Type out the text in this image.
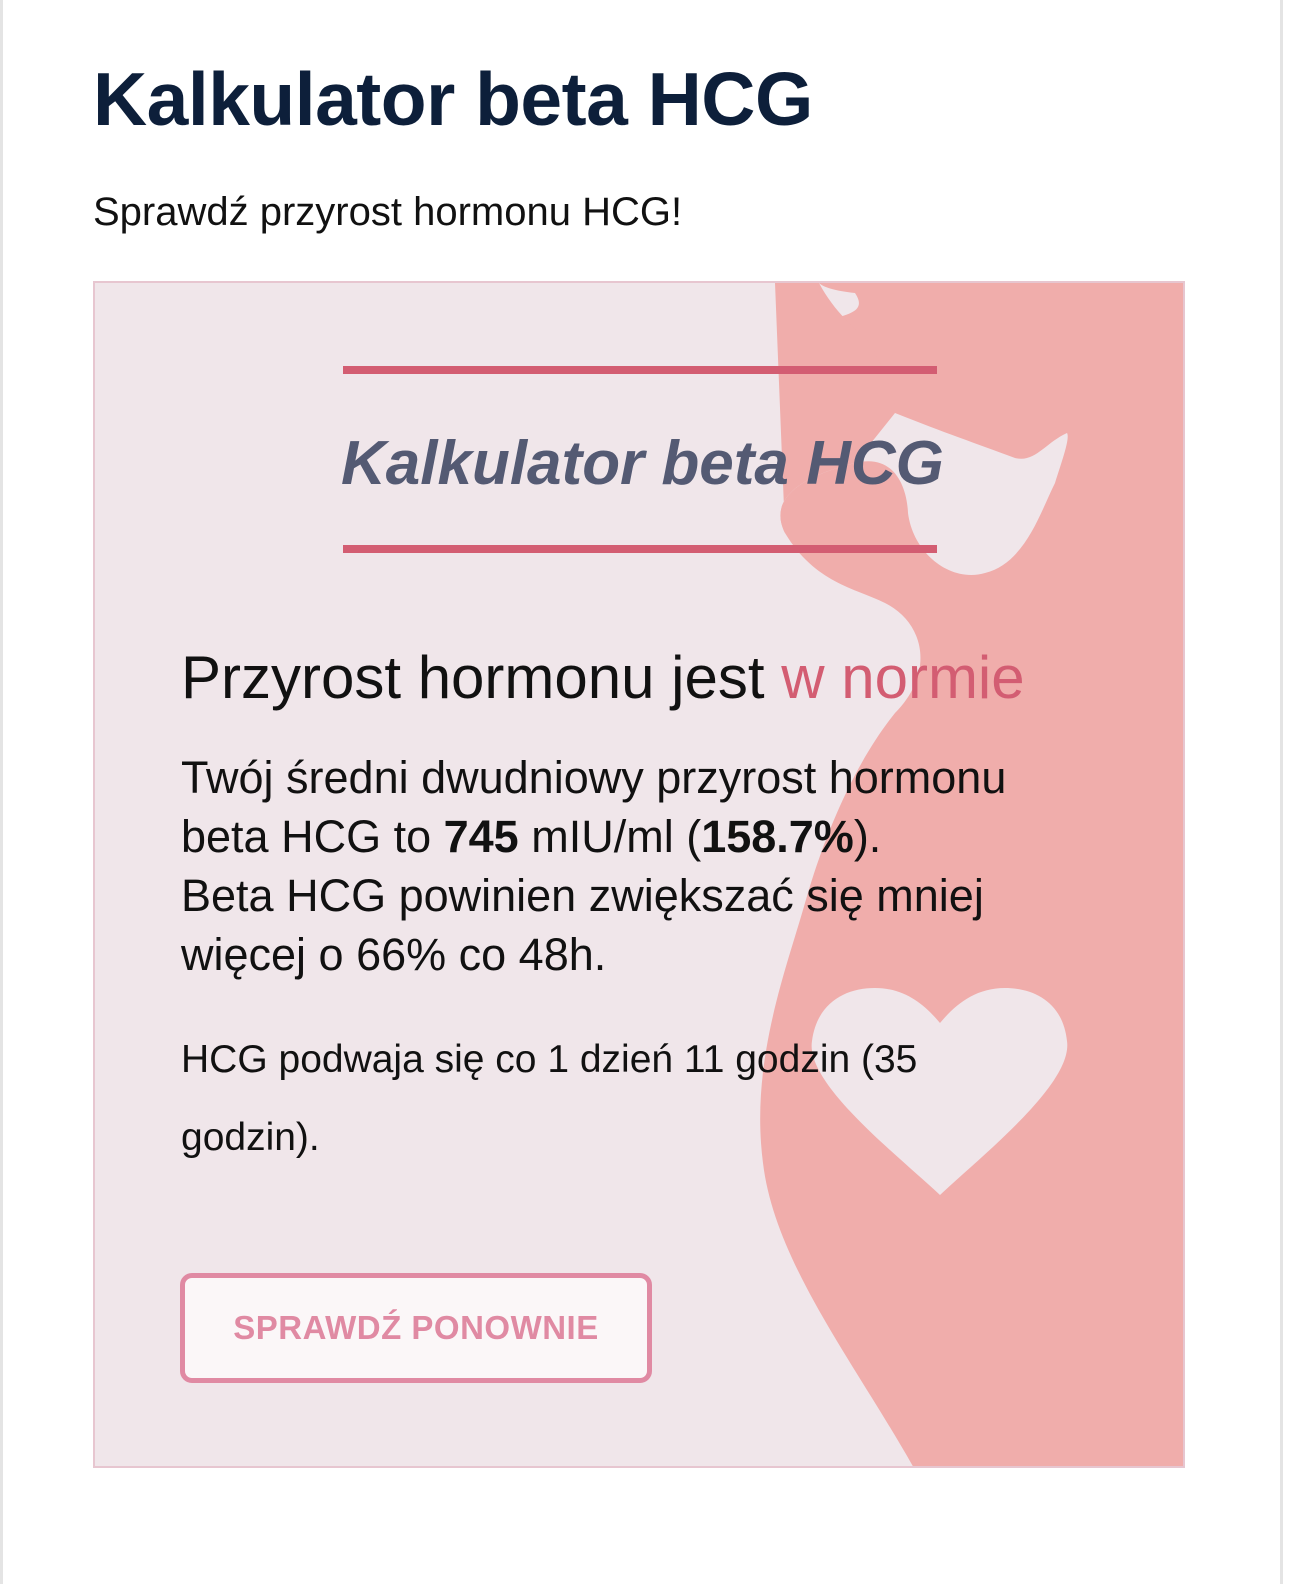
Kalkulator beta HCG

Sprawdź przyrost hormonu HCG!

Kalkulator beta HCG
Przyrost hormonu jest w normie

Twój średni dwudniowy przyrost hormonu beta HCG to 745 mIU/ml (158.7%).
Beta HCG powinien zwiększać się mniej więcej o 66% co 48h.

HCG podwaja się co 1 dzień 11 godzin (35 godzin).

SPRAWDŹ PONOWNIE
